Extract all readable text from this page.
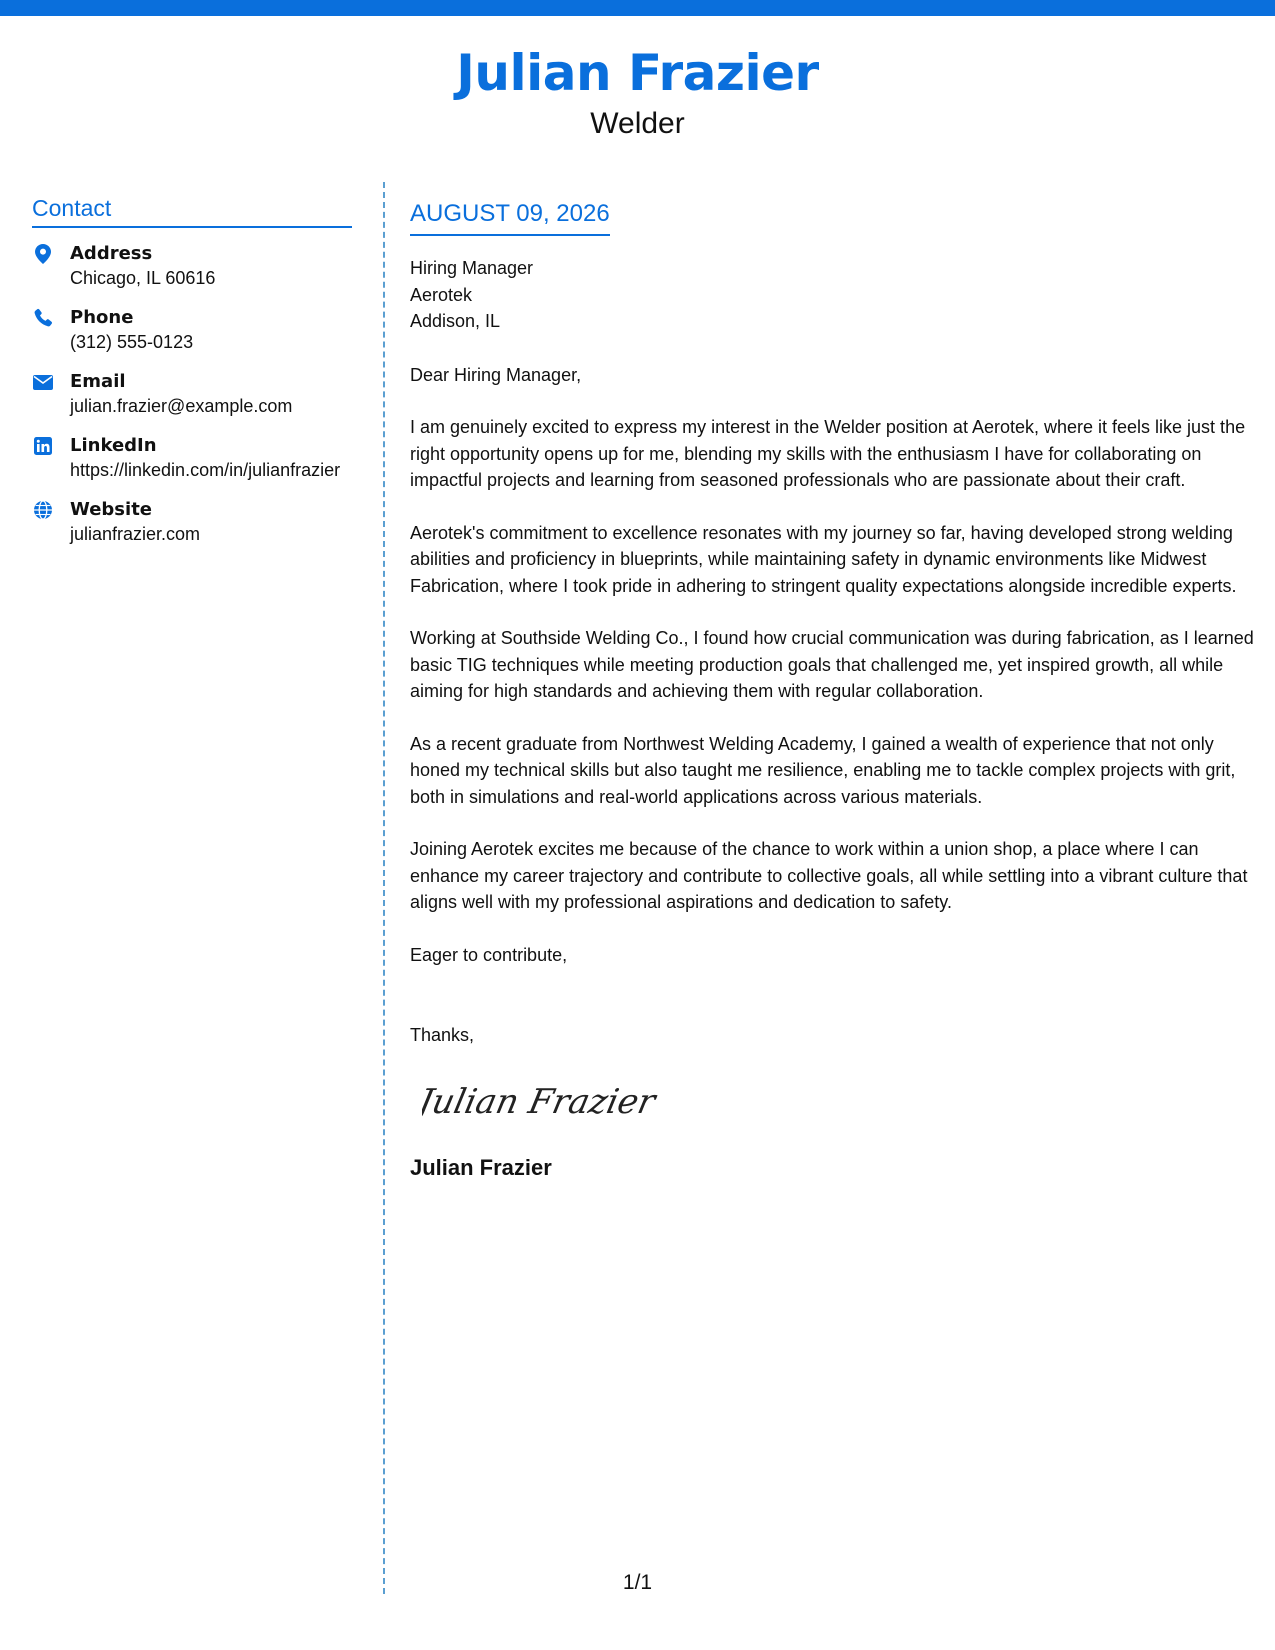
Julian Frazier
Welder
Contact
Address
Chicago, IL 60616
Phone
(312) 555-0123
Email
julian.frazier@example.com
LinkedIn
https://linkedin.com/in/julianfrazier
Website
julianfrazier.com
AUGUST 09, 2026
Hiring Manager
Aerotek
Addison, IL

Dear Hiring Manager,

I am genuinely excited to express my interest in the Welder position at Aerotek, where it feels like just the right opportunity opens up for me, blending my skills with the enthusiasm I have for collaborating on impactful projects and learning from seasoned professionals who are passionate about their craft.

Aerotek's commitment to excellence resonates with my journey so far, having developed strong welding abilities and proficiency in blueprints, while maintaining safety in dynamic environments like Midwest Fabrication, where I took pride in adhering to stringent quality expectations alongside incredible experts.

Working at Southside Welding Co., I found how crucial communication was during fabrication, as I learned basic TIG techniques while meeting production goals that challenged me, yet inspired growth, all while aiming for high standards and achieving them with regular collaboration.

As a recent graduate from Northwest Welding Academy, I gained a wealth of experience that not only honed my technical skills but also taught me resilience, enabling me to tackle complex projects with grit, both in simulations and real-world applications across various materials.

Joining Aerotek excites me because of the chance to work within a union shop, a place where I can enhance my career trajectory and contribute to collective goals, all while settling into a vibrant culture that aligns well with my professional aspirations and dedication to safety.

Eager to contribute,

Thanks,

Julian Frazier
Julian Frazier
1/1
